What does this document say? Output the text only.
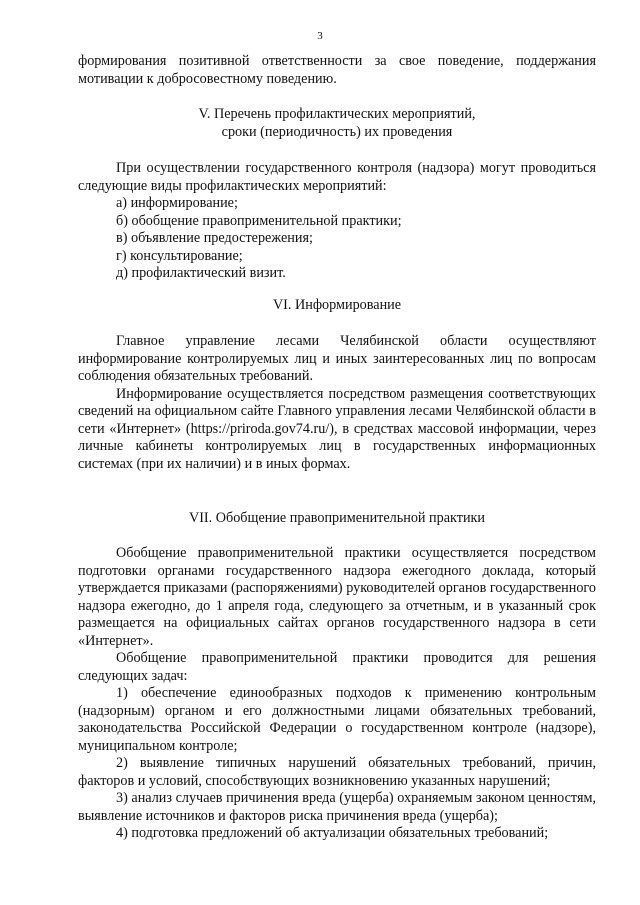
3

формирования позитивной ответственности за свое поведение, поддержания мотивации к добросовестному поведению.

V. Перечень профилактических мероприятий,
сроки (периодичность) их проведения

При осуществлении государственного контроля (надзора) могут проводиться следующие виды профилактических мероприятий:

а) информирование;

б) обобщение правоприменительной практики;

в) объявление предостережения;

г) консультирование;

д) профилактический визит.

VI. Информирование

Главное управление лесами Челябинской области осуществляют информирование контролируемых лиц и иных заинтересованных лиц по вопросам соблюдения обязательных требований.

Информирование осуществляется посредством размещения соответствующих сведений на официальном сайте Главного управления лесами Челябинской области в сети «Интернет» (https://priroda.gov74.ru/), в средствах массовой информации, через личные кабинеты контролируемых лиц в государственных информационных системах (при их наличии) и в иных формах.

VII. Обобщение правоприменительной практики

Обобщение правоприменительной практики осуществляется посредством подготовки органами государственного надзора ежегодного доклада, который утверждается приказами (распоряжениями) руководителей органов государственного надзора ежегодно, до 1 апреля года, следующего за отчетным, и в указанный срок размещается на официальных сайтах органов государственного надзора в сети «Интернет».

Обобщение правоприменительной практики проводится для решения следующих задач:

1) обеспечение единообразных подходов к применению контрольным (надзорным) органом и его должностными лицами обязательных требований, законодательства Российской Федерации о государственном контроле (надзоре), муниципальном контроле;

2) выявление типичных нарушений обязательных требований, причин, факторов и условий, способствующих возникновению указанных нарушений;

3) анализ случаев причинения вреда (ущерба) охраняемым законом ценностям, выявление источников и факторов риска причинения вреда (ущерба);

4) подготовка предложений об актуализации обязательных требований;
